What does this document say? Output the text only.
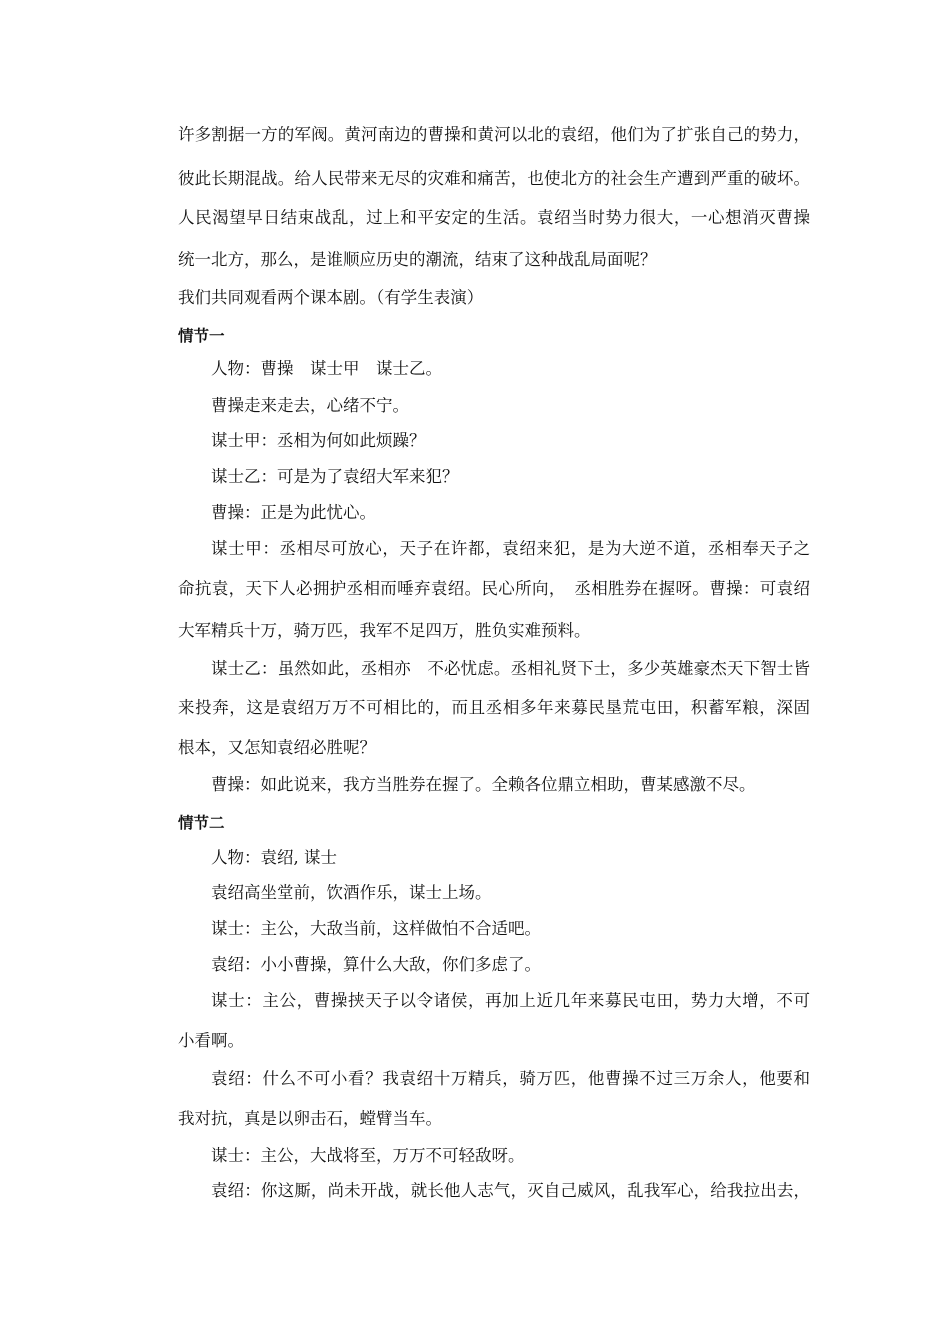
许多割据一方的军阀。黄河南边的曹操和黄河以北的袁绍，他们为了扩张自己的势力，
彼此长期混战。给人民带来无尽的灾难和痛苦，也使北方的社会生产遭到严重的破坏。
人民渴望早日结束战乱，过上和平安定的生活。袁绍当时势力很大，一心想消灭曹操
统一北方，那么，是谁顺应历史的潮流，结束了这种战乱局面呢？
我们共同观看两个课本剧。（有学生表演）
情节一
人物：曹操　谋士甲　谋士乙。
曹操走来走去，心绪不宁。
谋士甲：丞相为何如此烦躁？
谋士乙：可是为了袁绍大军来犯？
曹操：正是为此忧心。
谋士甲：丞相尽可放心，天子在许都，袁绍来犯，是为大逆不道，丞相奉天子之
命抗袁，天下人必拥护丞相而唾弃袁绍。民心所向，　丞相胜券在握呀。曹操：可袁绍
大军精兵十万，骑万匹，我军不足四万，胜负实难预料。
谋士乙：虽然如此，丞相亦　不必忧虑。丞相礼贤下士，多少英雄豪杰天下智士皆
来投奔，这是袁绍万万不可相比的，而且丞相多年来募民垦荒屯田，积蓄军粮，深固
根本，又怎知袁绍必胜呢？
曹操：如此说来，我方当胜券在握了。全赖各位鼎立相助，曹某感激不尽。
情节二
人物：袁绍, 谋士
袁绍高坐堂前，饮酒作乐，谋士上场。
谋士：主公，大敌当前，这样做怕不合适吧。
袁绍：小小曹操，算什么大敌，你们多虑了。
谋士：主公，曹操挟天子以令诸侯，再加上近几年来募民屯田，势力大增，不可
小看啊。
袁绍：什么不可小看？我袁绍十万精兵，骑万匹，他曹操不过三万余人，他要和
我对抗，真是以卵击石，螳臂当车。
谋士：主公，大战将至，万万不可轻敌呀。
袁绍：你这厮，尚未开战，就长他人志气，灭自己威风，乱我军心，给我拉出去，
